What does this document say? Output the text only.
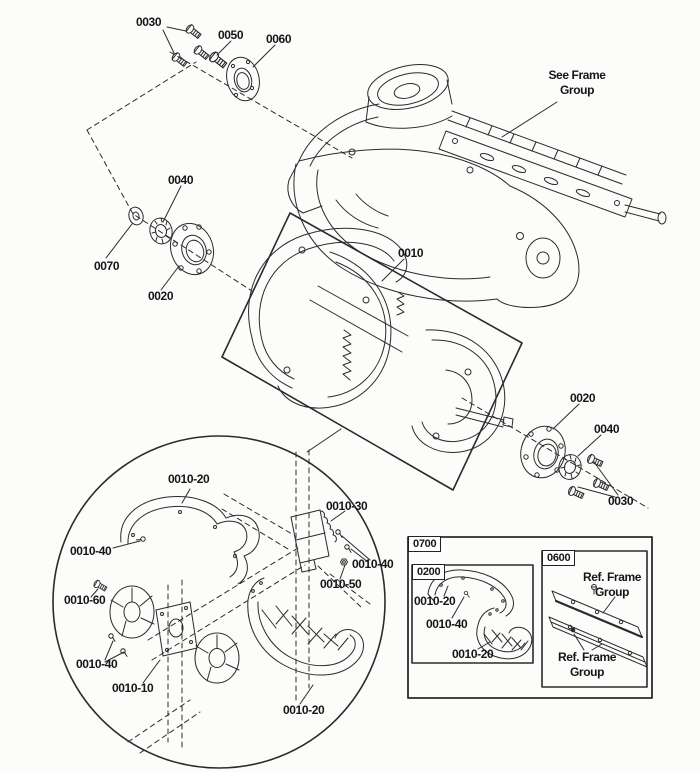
0030
0050 0060
See Frame Group
0040
0070
0020
0010
0020
0040
0030
0010-20
0010-40
0010-60
0010-40
0010-10
0010-30
0010-40
0010-50
0010-20
0700
0200
0600
0010-20
0010-40
0010-20
Ref. Frame Group
Ref. Frame Group
